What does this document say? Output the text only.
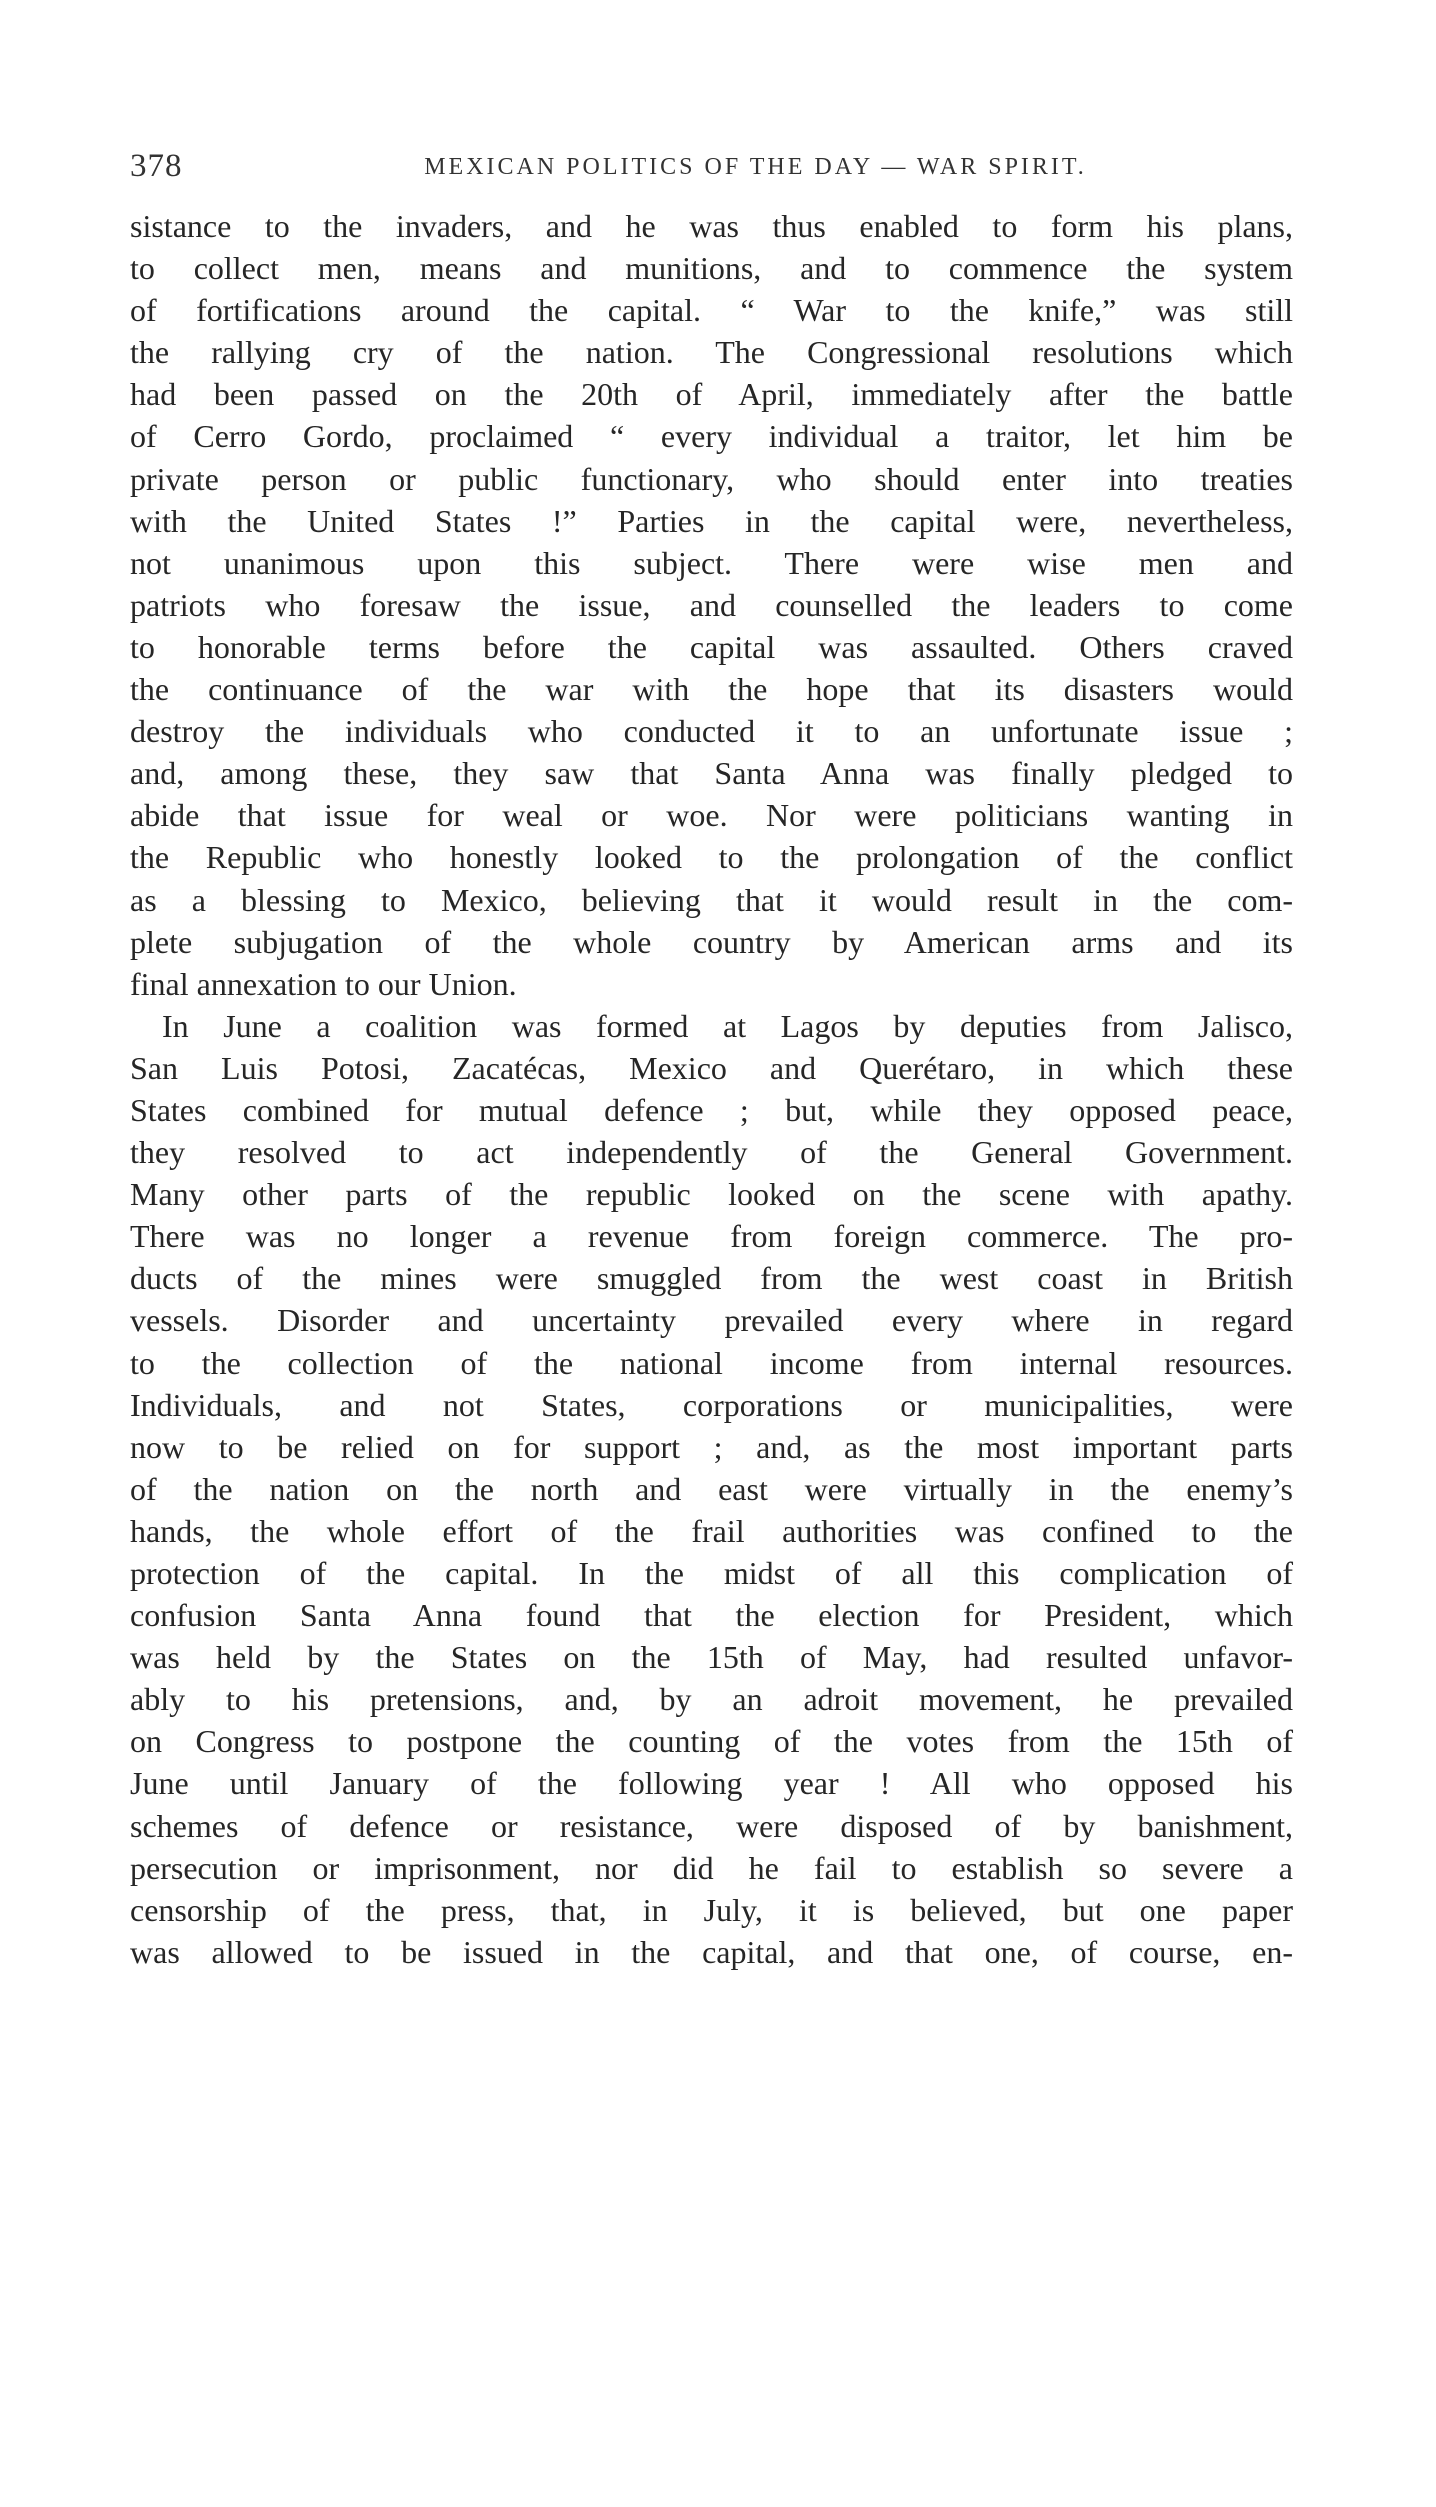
378	MEXICAN POLITICS OF THE DAY — WAR SPIRIT.
sistance to the invaders, and he was thus enabled to form his plans,
to collect men, means and munitions, and to commence the system
of fortifications around the capital. “ War to the knife,” was still
the rallying cry of the nation. The Congressional resolutions which
had been passed on the 20th of April, immediately after the battle
of Cerro Gordo, proclaimed “ every individual a traitor, let him be
private person or public functionary, who should enter into treaties
with the United States !” Parties in the capital were, nevertheless,
not unanimous upon this subject. There were wise men and
patriots who foresaw the issue, and counselled the leaders to come
to honorable terms before the capital was assaulted. Others craved
the continuance of the war with the hope that its disasters would
destroy the individuals who conducted it to an unfortunate issue ;
and, among these, they saw that Santa Anna was finally pledged to
abide that issue for weal or woe. Nor were politicians wanting in
the Republic who honestly looked to the prolongation of the conflict
as a blessing to Mexico, believing that it would result in the com-
plete subjugation of the whole country by American arms and its
final annexation to our Union.
In June a coalition was formed at Lagos by deputies from Jalisco,
San Luis Potosi, Zacatécas, Mexico and Querétaro, in which these
States combined for mutual defence ; but, while they opposed peace,
they resolved to act independently of the General Government.
Many other parts of the republic looked on the scene with apathy.
There was no longer a revenue from foreign commerce. The pro-
ducts of the mines were smuggled from the west coast in British
vessels. Disorder and uncertainty prevailed every where in regard
to the collection of the national income from internal resources.
Individuals, and not States, corporations or municipalities, were
now to be relied on for support ; and, as the most important parts
of the nation on the north and east were virtually in the enemy’s
hands, the whole effort of the frail authorities was confined to the
protection of the capital. In the midst of all this complication of
confusion Santa Anna found that the election for President, which
was held by the States on the 15th of May, had resulted unfavor-
ably to his pretensions, and, by an adroit movement, he prevailed
on Congress to postpone the counting of the votes from the 15th of
June until January of the following year ! All who opposed his
schemes of defence or resistance, were disposed of by banishment,
persecution or imprisonment, nor did he fail to establish so severe a
censorship of the press, that, in July, it is believed, but one paper
was allowed to be issued in the capital, and that one, of course, en-
